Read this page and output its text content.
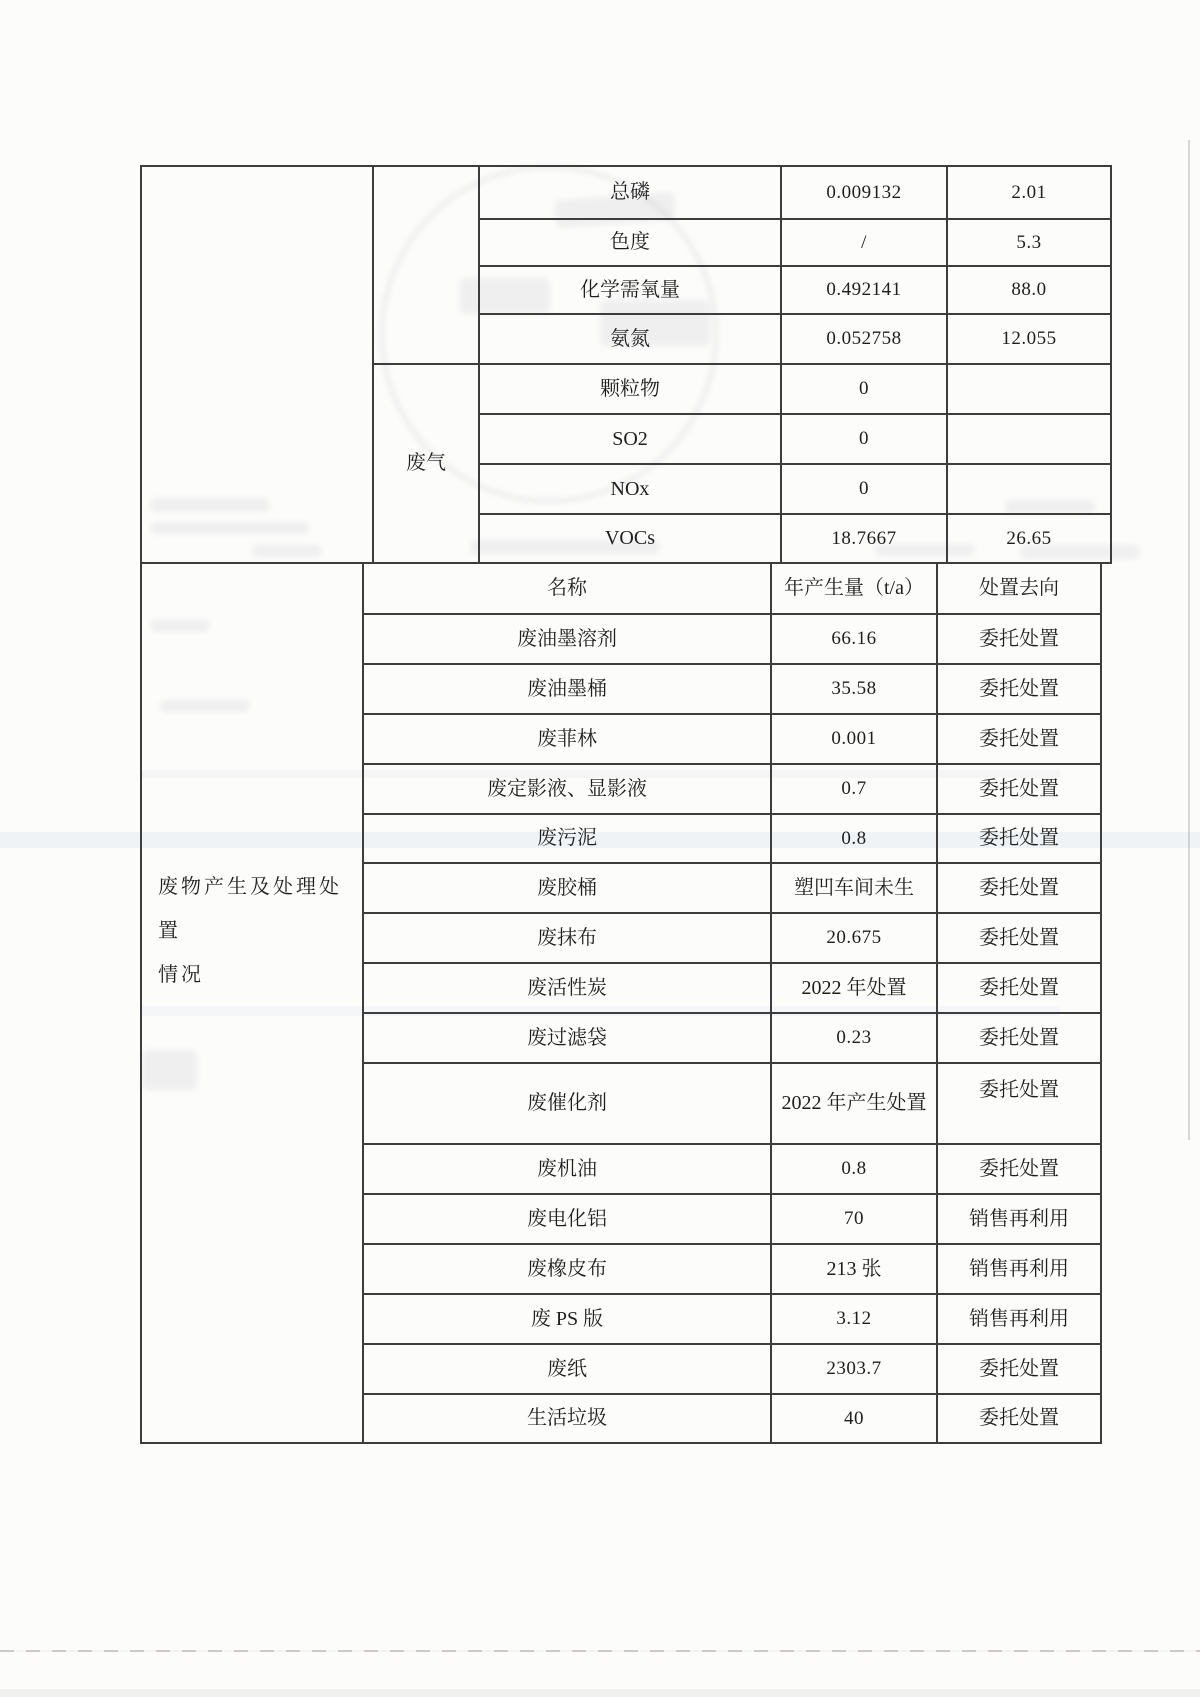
		总磷	0.009132	2.01
		色度	/	5.3
		化学需氧量	0.492141	88.0
		氨氮	0.052758	12.055
	废气	颗粒物	0	
		SO2	0	
		NOx	0	
		VOCs	18.7667	26.65
废物产生及处理处置
情况	名称	年产生量（t/a）	处置去向
	废油墨溶剂	66.16	委托处置
	废油墨桶	35.58	委托处置
	废菲林	0.001	委托处置
	废定影液、显影液	0.7	委托处置
	废污泥	0.8	委托处置
	废胶桶	塑凹车间未生	委托处置
	废抹布	20.675	委托处置
	废活性炭	2022 年处置	委托处置
	废过滤袋	0.23	委托处置
	废催化剂	2022 年产生处置	委托处置
	废机油	0.8	委托处置
	废电化铝	70	销售再利用
	废橡皮布	213 张	销售再利用
	废 PS 版	3.12	销售再利用
	废纸	2303.7	委托处置
	生活垃圾	40	委托处置
